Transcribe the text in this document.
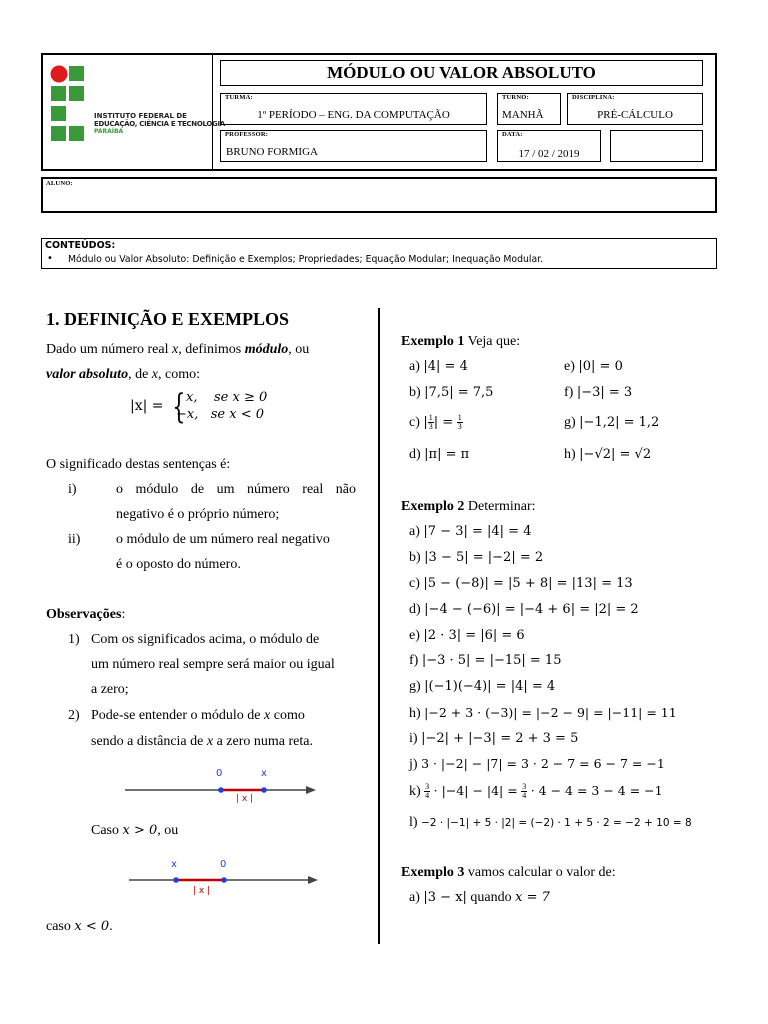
INSTITUTO FEDERAL DE
EDUCAÇÃO, CIÊNCIA E TECNOLOGIA
PARAÍBA
MÓDULO OU VALOR ABSOLUTO
TURMA:
1º PERÍODO – ENG. DA COMPUTAÇÃO
TURNO:
MANHÃ
DISCIPLINA:
PRÉ-CÁLCULO
PROFESSOR:
BRUNO FORMIGA
DATA:
17 / 02 / 2019
ALUNO:
CONTEÚDOS:
• Módulo ou Valor Absoluto: Definição e Exemplos; Propriedades; Equação Modular; Inequação Modular.
1. DEFINIÇÃO E EXEMPLOS
Dado um número real x, definimos módulo, ou
valor absoluto, de x, como:
|x| = { x,    se x ≥ 0
−x,   se x < 0
O significado destas sentenças é:
i)	o módulo de um número real não
negativo é o próprio número;
ii)	o módulo de um número real negativo
é o oposto do número.
Observações:
1) Com os significados acima, o módulo de
um número real sempre será maior ou igual
a zero;
2) Pode-se entender o módulo de x como
sendo a distância de x a zero numa reta.
0	x
| x |
Caso x > 0, ou
x	0
| x |
caso x < 0.
Exemplo 1 Veja que:
a) |4| = 4	e) |0| = 0
b) |7,5| = 7,5	f) |−3| = 3
c) | $\frac{1}{3}$ | = $\frac{1}{3}$	g) |−1,2| = 1,2
d) |π| = π	h) |−√2| = √2
Exemplo 2 Determinar:
a) |7 − 3| = |4| = 4
b) |3 − 5| = |−2| = 2
c) |5 − (−8)| = |5 + 8| = |13| = 13
d) |−4 − (−6)| = |−4 + 6| = |2| = 2
e) |2 · 3| = |6| = 6
f) |−3 · 5| = |−15| = 15
g) |(−1)(−4)| = |4| = 4
h) |−2 + 3 · (−3)| = |−2 − 9| = |−11| = 11
i) |−2| + |−3| = 2 + 3 = 5
j) 3 · |−2| − |7| = 3 · 2 − 7 = 6 − 7 = −1
$k) \frac{3}{4} \cdot |-4| - |4| = \frac{3}{4} \cdot 4 - 4 = 3 - 4 = -1$
l) −2 · |−1| + 5 · |2| = (−2) · 1 + 5 · 2 = −2 + 10 = 8
Exemplo 3 vamos calcular o valor de:
a) |3 − x| quando x = 7
